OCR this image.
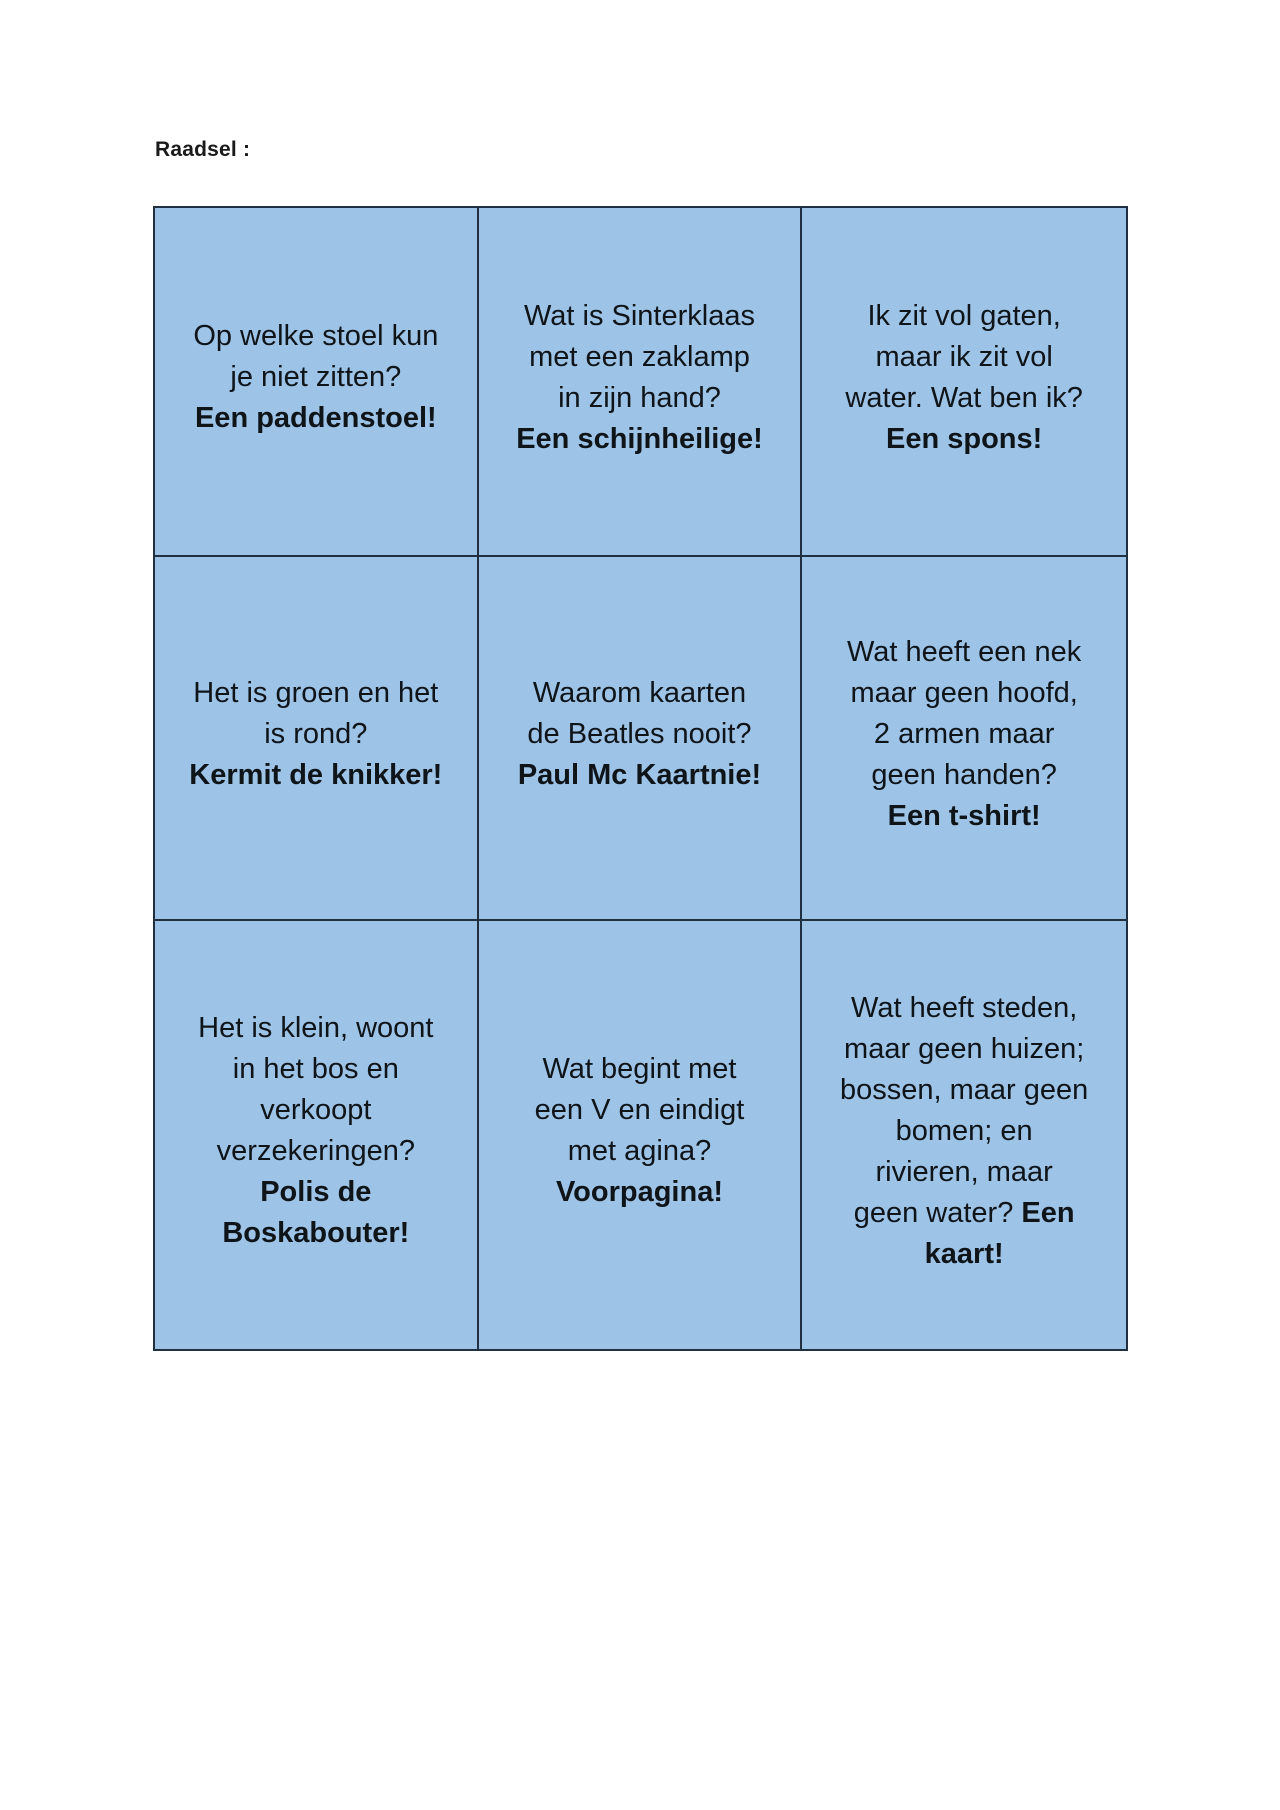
Raadsel :
Op welke stoel kun
je niet zitten?
Een paddenstoel!
Wat is Sinterklaas
met een zaklamp
in zijn hand?
Een schijnheilige!
Ik zit vol gaten,
maar ik zit vol
water. Wat ben ik?
Een spons!
Het is groen en het
is rond?
Kermit de knikker!
Waarom kaarten
de Beatles nooit?
Paul Mc Kaartnie!
Wat heeft een nek
maar geen hoofd,
2 armen maar
geen handen?
Een t-shirt!
Het is klein, woont
in het bos en
verkoopt
verzekeringen?
Polis de
Boskabouter!
Wat begint met
een V en eindigt
met agina?
Voorpagina!
Wat heeft steden,
maar geen huizen;
bossen, maar geen
bomen; en
rivieren, maar
geen water? Een
kaart!
